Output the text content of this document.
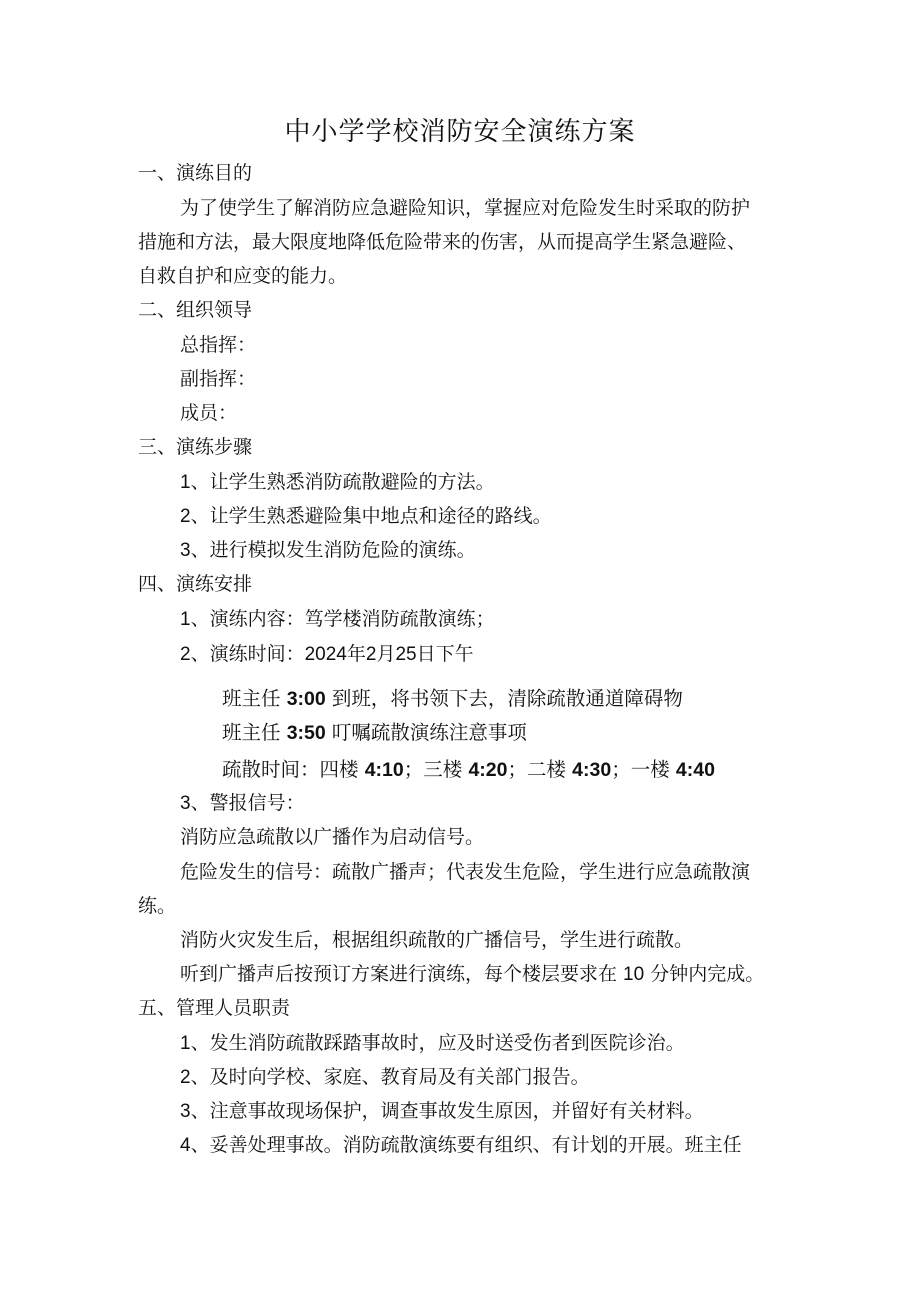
中小学学校消防安全演练方案
一、演练目的
为了使学生了解消防应急避险知识，掌握应对危险发生时采取的防护
措施和方法，最大限度地降低危险带来的伤害，从而提高学生紧急避险、
自救自护和应变的能力。
二、组织领导
总指挥：
副指挥：
成员：
三、演练步骤
1、让学生熟悉消防疏散避险的方法。
2、让学生熟悉避险集中地点和途径的路线。
3、进行模拟发生消防危险的演练。
四、演练安排
1、演练内容：笃学楼消防疏散演练；
2、演练时间：2024年2月25日下午
班主任 3:00 到班，将书领下去，清除疏散通道障碍物
班主任 3:50 叮嘱疏散演练注意事项
疏散时间：四楼 4:10；三楼 4:20；二楼 4:30；一楼 4:40
3、警报信号：
消防应急疏散以广播作为启动信号。
危险发生的信号：疏散广播声；代表发生危险，学生进行应急疏散演
练。
消防火灾发生后，根据组织疏散的广播信号，学生进行疏散。
听到广播声后按预订方案进行演练，每个楼层要求在 10 分钟内完成。
五、管理人员职责
1、发生消防疏散踩踏事故时，应及时送受伤者到医院诊治。
2、及时向学校、家庭、教育局及有关部门报告。
3、注意事故现场保护，调查事故发生原因，并留好有关材料。
4、妥善处理事故。消防疏散演练要有组织、有计划的开展。班主任
